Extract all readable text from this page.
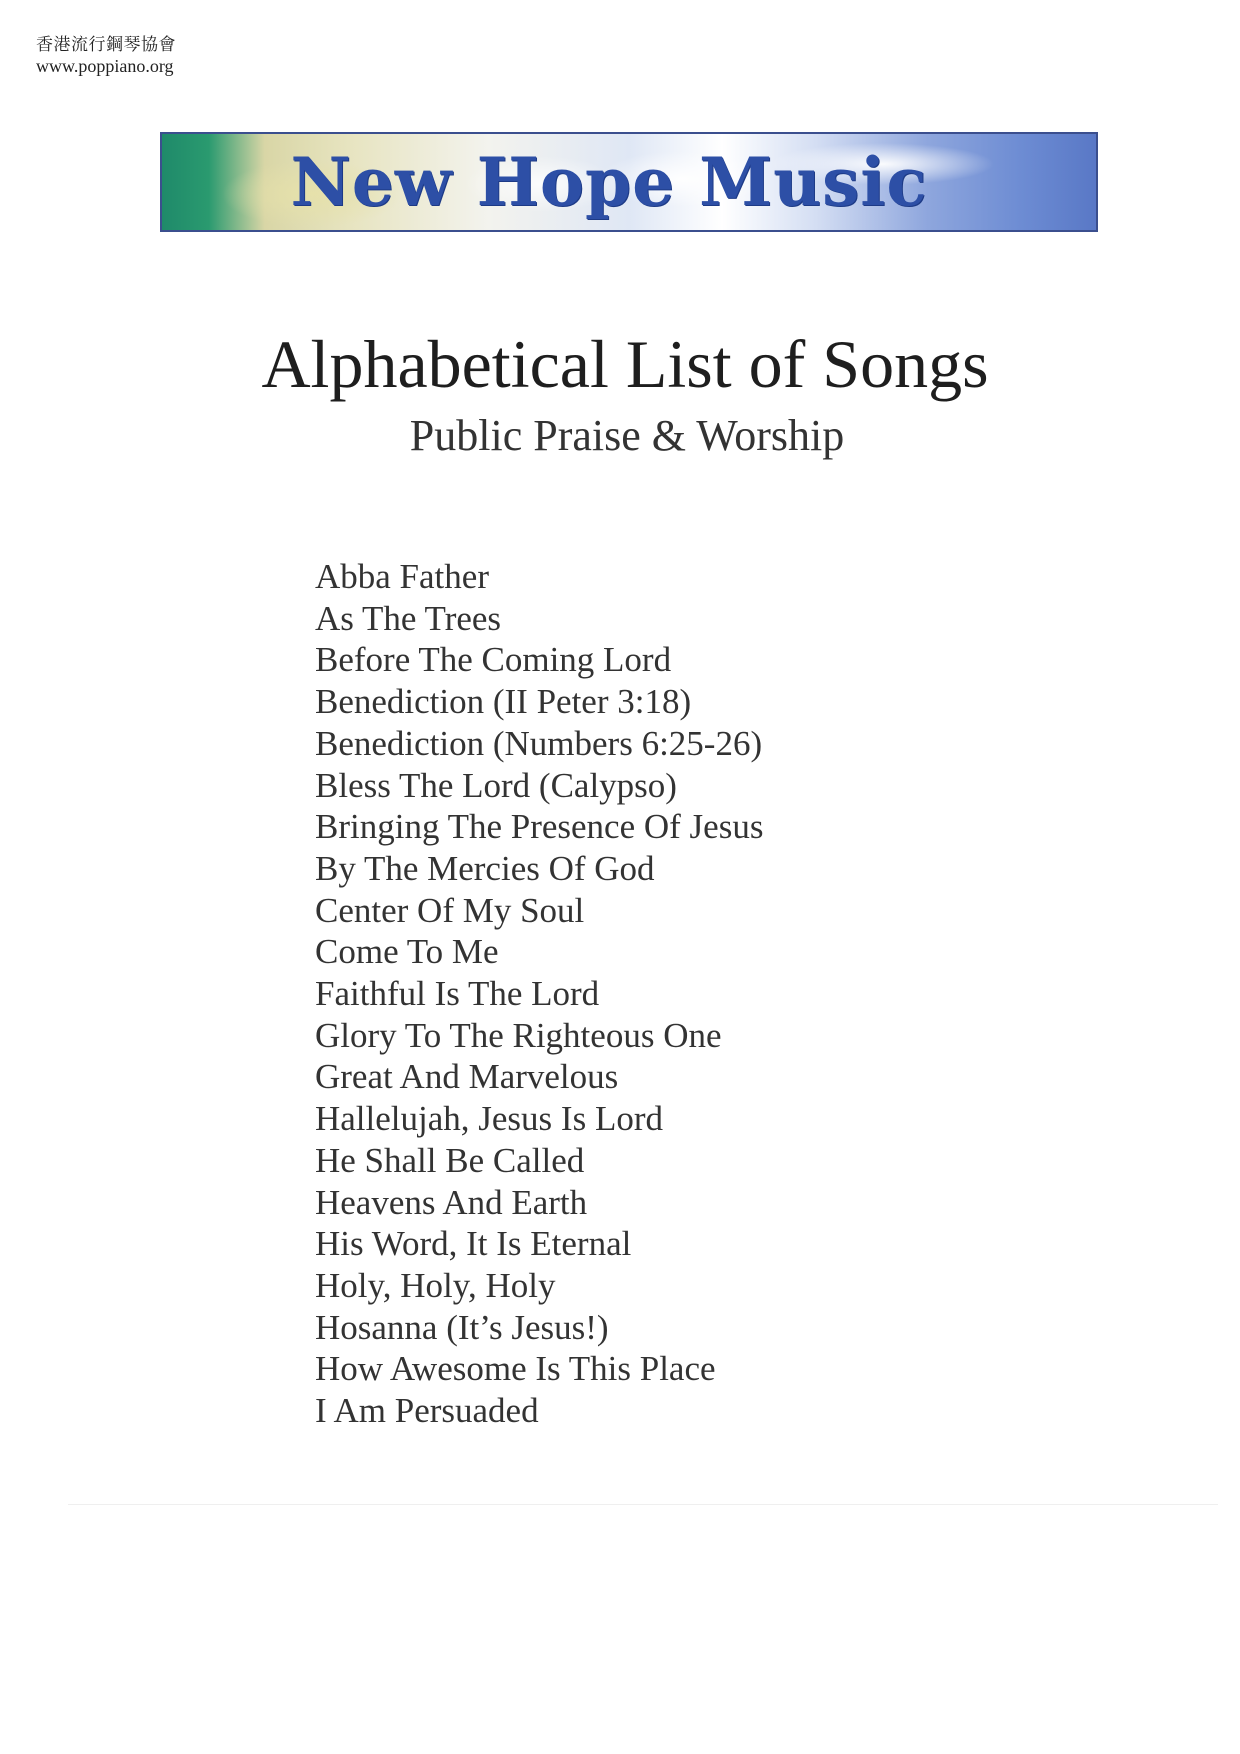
香港流行鋼琴協會
www.poppiano.org
New Hope Music
Alphabetical List of Songs
Public Praise & Worship
Abba Father
As The Trees
Before The Coming Lord
Benediction (II Peter 3:18)
Benediction (Numbers 6:25-26)
Bless The Lord (Calypso)
Bringing The Presence Of Jesus
By The Mercies Of God
Center Of My Soul
Come To Me
Faithful Is The Lord
Glory To The Righteous One
Great And Marvelous
Hallelujah, Jesus Is Lord
He Shall Be Called
Heavens And Earth
His Word, It Is Eternal
Holy, Holy, Holy
Hosanna (It’s Jesus!)
How Awesome Is This Place
I Am Persuaded
